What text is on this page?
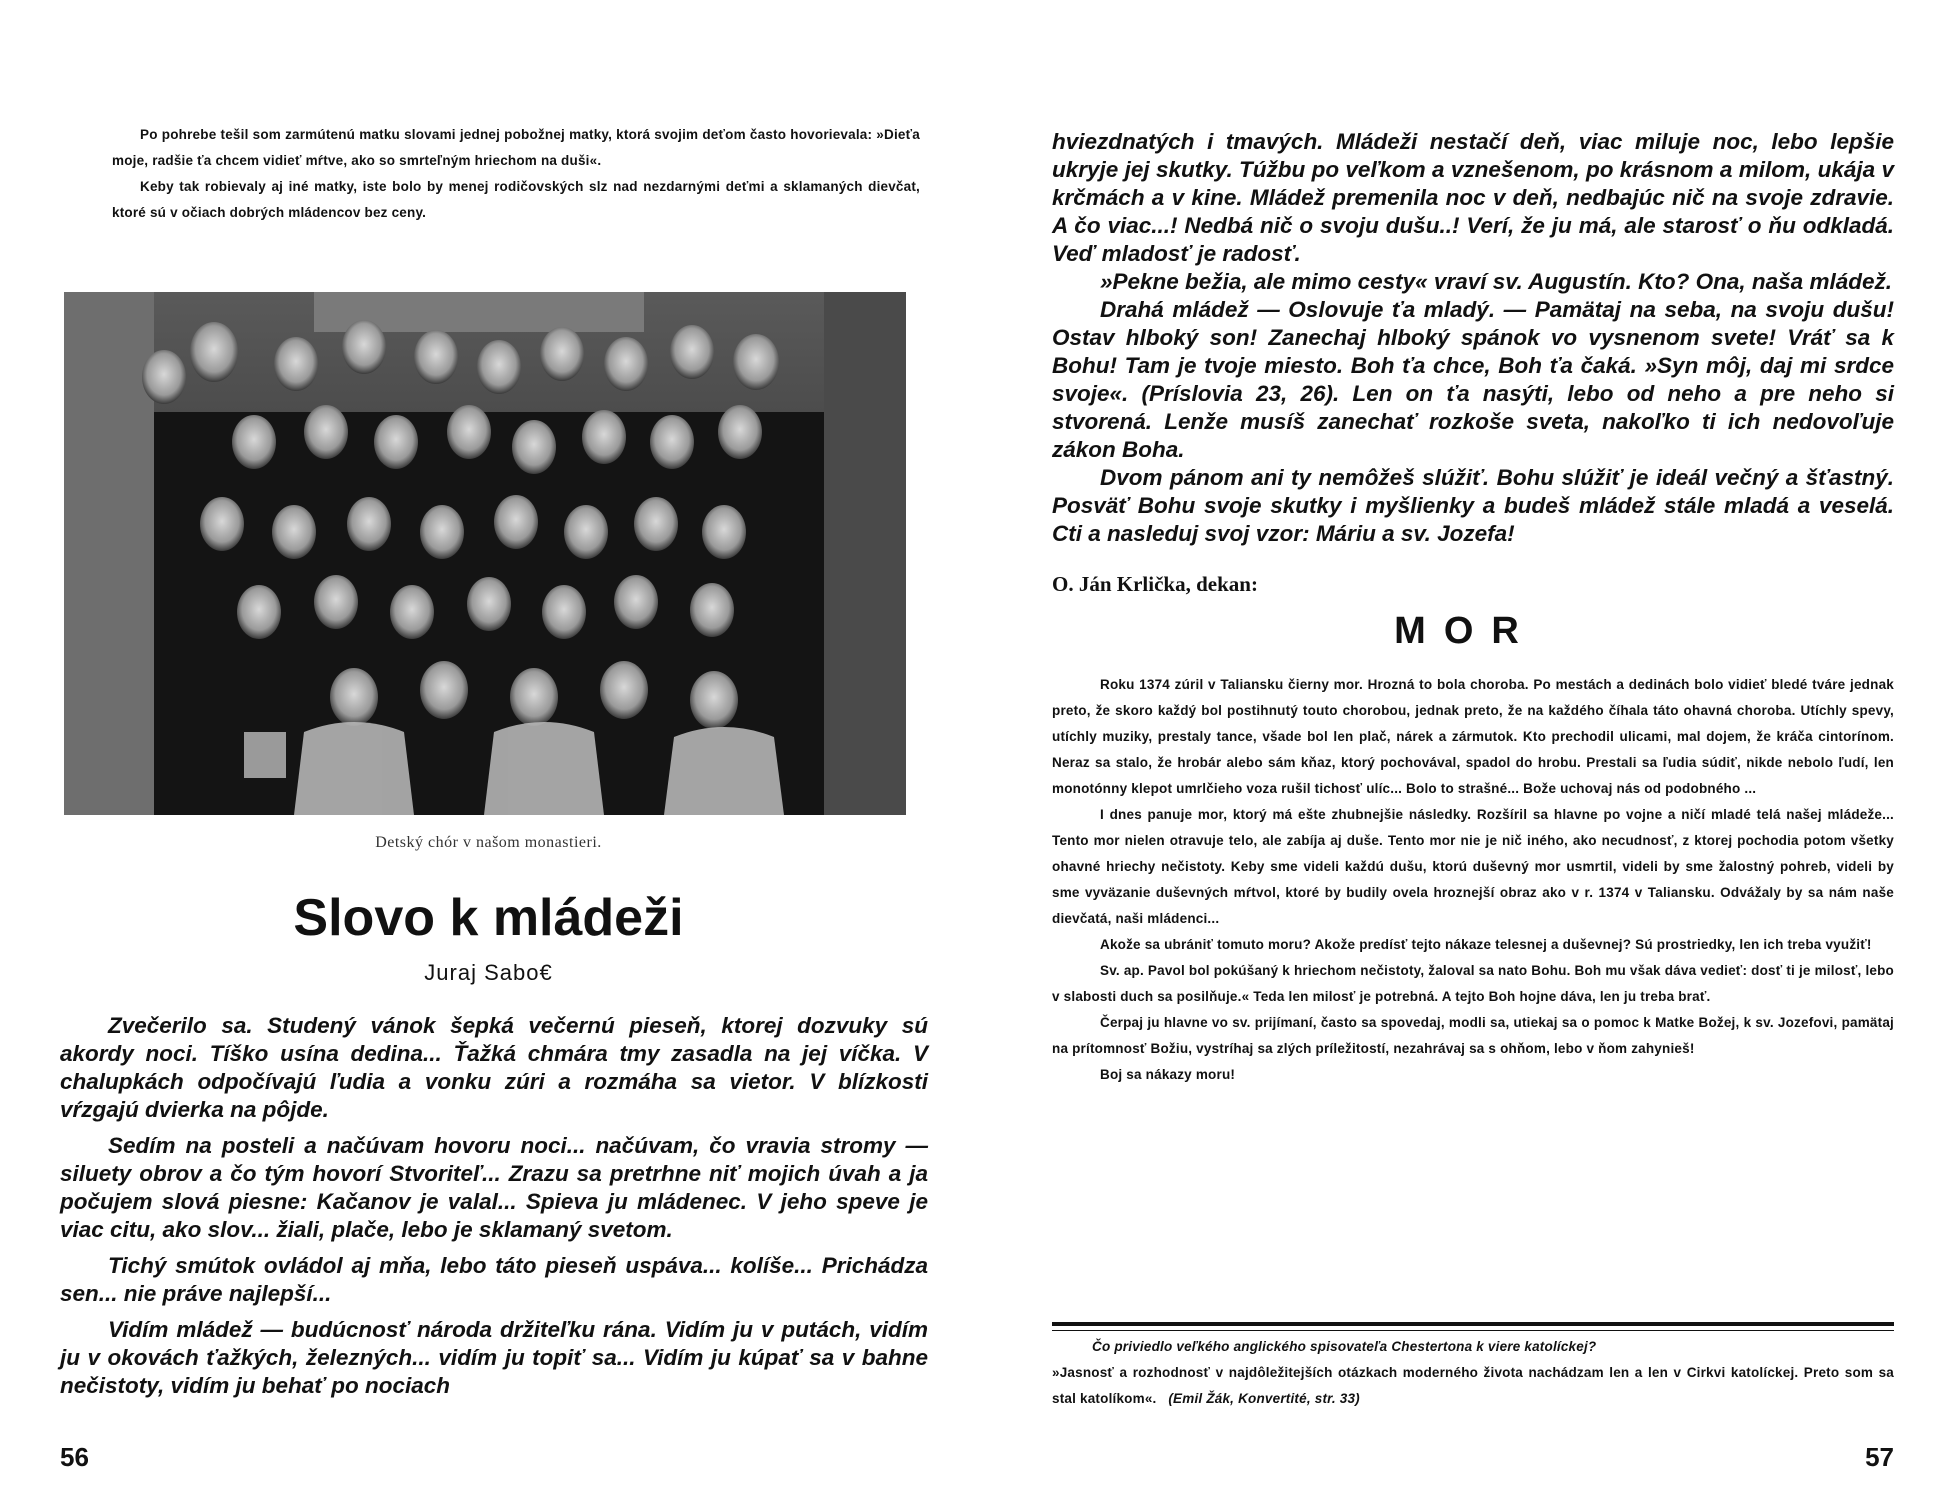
Po pohrebe tešil som zarmútenú matku slovami jednej pobožnej matky, ktorá svojim deťom často hovorievala: »Dieťa moje, radšie ťa chcem vidieť mŕtve, ako so smrteľným hriechom na duši«.

Keby tak robievaly aj iné matky, iste bolo by menej rodičovských slz nad nezdarnými deťmi a sklamaných dievčat, ktoré sú v očiach dobrých mládencov bez ceny.

Detský chór v našom monastieri.
Slovo k mládeži
Juraj Sabo€

Zvečerilo sa. Studený vánok šepká večernú pieseň, ktorej dozvuky sú akordy noci. Tíško usína dedina... Ťažká chmára tmy zasadla na jej víčka. V chalupkách odpočívajú ľudia a vonku zúri a rozmáha sa vietor. V blízkosti vŕzgajú dvierka na pôjde.

Sedím na posteli a načúvam hovoru noci... načúvam, čo vravia stromy — siluety obrov a čo tým hovorí Stvoriteľ... Zrazu sa pretrhne niť mojich úvah a ja počujem slová piesne: Kačanov je valal... Spieva ju mládenec. V jeho speve je viac citu, ako slov... žiali, plače, lebo je sklamaný svetom.

Tichý smútok ovládol aj mňa, lebo táto pieseň uspáva... kolíše... Prichádza sen... nie práve najlepší...

Vidím mládež — budúcnosť národa držiteľku rána. Vidím ju v putách, vidím ju v okovách ťažkých, železných... vidím ju topiť sa... Vidím ju kúpať sa v bahne nečistoty, vidím ju behať po nociach

56

hviezdnatých i tmavých. Mládeži nestačí deň, viac miluje noc, lebo lepšie ukryje jej skutky. Túžbu po veľkom a vznešenom, po krásnom a milom, ukája v krčmách a v kine. Mládež premenila noc v deň, nedbajúc nič na svoje zdravie. A čo viac...! Nedbá nič o svoju dušu..! Verí, že ju má, ale starosť o ňu odkladá. Veď mladosť je radosť.

»Pekne bežia, ale mimo cesty« vraví sv. Augustín. Kto? Ona, naša mládež.

Drahá mládež — Oslovuje ťa mladý. — Pamätaj na seba, na svoju dušu! Ostav hlboký son! Zanechaj hlboký spánok vo vysnenom svete! Vráť sa k Bohu! Tam je tvoje miesto. Boh ťa chce, Boh ťa čaká. »Syn môj, daj mi srdce svoje«. (Príslovia 23, 26). Len on ťa nasýti, lebo od neho a pre neho si stvorená. Lenže musíš zanechať rozkoše sveta, nakoľko ti ich nedovoľuje zákon Boha.

Dvom pánom ani ty nemôžeš slúžiť. Bohu slúžiť je ideál večný a šťastný. Posväť Bohu svoje skutky i myšlienky a budeš mládež stále mladá a veselá. Cti a nasleduj svoj vzor: Máriu a sv. Jozefa!

O. Ján Krlička, dekan:
MOR

Roku 1374 zúril v Taliansku čierny mor. Hrozná to bola choroba. Po mestách a dedinách bolo vidieť bledé tváre jednak preto, že skoro každý bol postihnutý touto chorobou, jednak preto, že na každého číhala táto ohavná choroba. Utíchly spevy, utíchly muziky, prestaly tance, všade bol len plač, nárek a zármutok. Kto prechodil ulicami, mal dojem, že kráča cintorínom. Neraz sa stalo, že hrobár alebo sám kňaz, ktorý pochovával, spadol do hrobu. Prestali sa ľudia súdiť, nikde nebolo ľudí, len monotónny klepot umrlčieho voza rušil tichosť ulíc... Bolo to strašné... Bože uchovaj nás od podobného ...

I dnes panuje mor, ktorý má ešte zhubnejšie následky. Rozšíril sa hlavne po vojne a ničí mladé telá našej mládeže... Tento mor nielen otravuje telo, ale zabíja aj duše. Tento mor nie je nič iného, ako necudnosť, z ktorej pochodia potom všetky ohavné hriechy nečistoty. Keby sme videli každú dušu, ktorú duševný mor usmrtil, videli by sme žalostný pohreb, videli by sme vyväzanie duševných mŕtvol, ktoré by budily ovela hroznejší obraz ako v r. 1374 v Taliansku. Odvážaly by sa nám naše dievčatá, naši mládenci...

Akože sa ubrániť tomuto moru? Akože predísť tejto nákaze telesnej a duševnej? Sú prostriedky, len ich treba využiť!

Sv. ap. Pavol bol pokúšaný k hriechom nečistoty, žaloval sa nato Bohu. Boh mu však dáva vedieť: dosť ti je milosť, lebo v slabosti duch sa posilňuje.« Teda len milosť je potrebná. A tejto Boh hojne dáva, len ju treba brať.

Čerpaj ju hlavne vo sv. prijímaní, často sa spovedaj, modli sa, utiekaj sa o pomoc k Matke Božej, k sv. Jozefovi, pamätaj na prítomnosť Božiu, vystríhaj sa zlých príležitostí, nezahrávaj sa s ohňom, lebo v ňom zahynieš!

Boj sa nákazy moru!

Čo priviedlo veľkého anglického spisovateľa Chestertona k viere katolíckej?

»Jasnosť a rozhodnosť v najdôležitejších otázkach moderného života nachádzam len a len v Cirkvi katolíckej. Preto som sa stal katolíkom«. (Emil Žák, Konvertité, str. 33)

57
